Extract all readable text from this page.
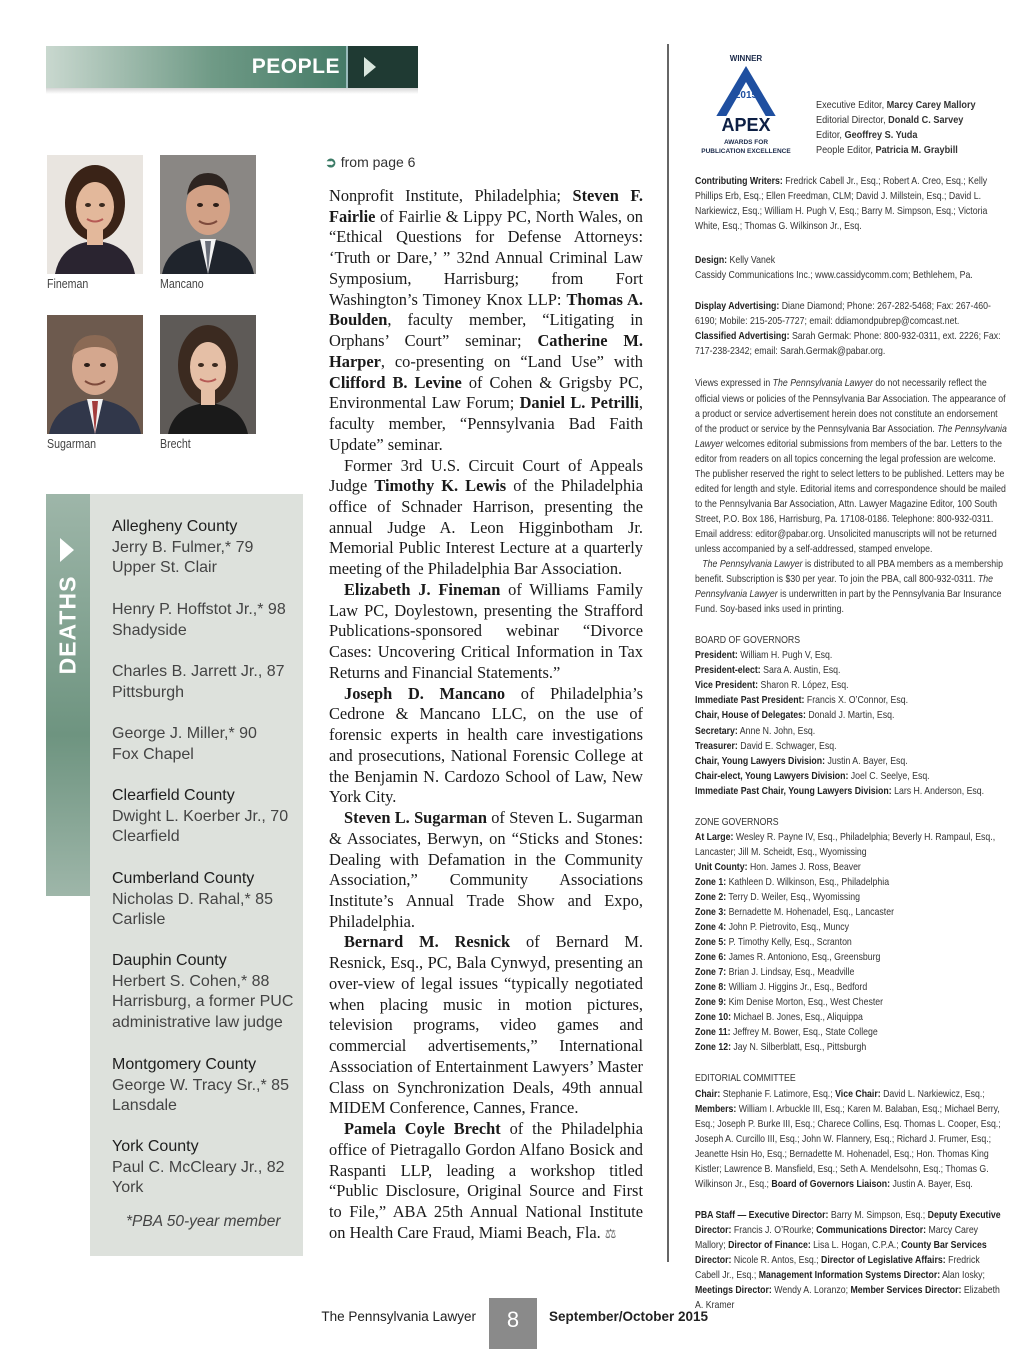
PEOPLE
Fineman	Mancano
Sugarman	Brecht
DEATHS
Allegheny County
Jerry B. Fulmer,* 79
Upper St. Clair
Henry P. Hoffstot Jr.,* 98
Shadyside
Charles B. Jarrett Jr., 87
Pittsburgh
George J. Miller,* 90
Fox Chapel
Clearfield County
Dwight L. Koerber Jr., 70
Clearfield
Cumberland County
Nicholas D. Rahal,* 85
Carlisle
Dauphin County
Herbert S. Cohen,* 88
Harrisburg, a former PUC
administrative law judge
Montgomery County
George W. Tracy Sr.,* 85
Lansdale
York County
Paul C. McCleary Jr., 82
York
*PBA 50-year member
➲ from page 6

Nonprofit Institute, Philadelphia; Steven F. Fairlie of Fairlie & Lippy PC, North Wales, on “Ethical Questions for Defense Attorneys: ‘Truth or Dare,’ ” 32nd Annual Criminal Law Symposium, Harrisburg; from Fort Washington’s Timoney Knox LLP: Thomas A. Boulden, faculty member, “Litigating in Orphans’ Court” seminar; Catherine M. Harper, co-presenting on “Land Use” with Clifford B. Levine of Cohen & Grigsby PC, Environmental Law Forum; Daniel L. Petrilli, faculty member, “Pennsylvania Bad Faith Update” seminar.

Former 3rd U.S. Circuit Court of Appeals Judge Timothy K. Lewis of the Philadelphia office of Schnader Harrison, presenting the annual Judge A. Leon Higginbotham Jr. Memorial Public Interest Lecture at a quarterly meeting of the Philadelphia Bar Association.

Elizabeth J. Fineman of Williams Family Law PC, Doylestown, presenting the Strafford Publications-sponsored webinar “Divorce Cases: Uncovering Critical Information in Tax Returns and Financial Statements.”

Joseph D. Mancano of Philadelphia’s Cedrone & Mancano LLC, on the use of forensic experts in health care investigations and prosecutions, National Forensic College at the Benjamin N. Cardozo School of Law, New York City.

Steven L. Sugarman of Steven L. Sugarman & Associates, Berwyn, on “Sticks and Stones: Dealing with Defamation in the Community Association,” Community Associations Institute’s Annual Trade Show and Expo, Philadelphia.

Bernard M. Resnick of Bernard M. Resnick, Esq., PC, Bala Cynwyd, presenting an over-view of legal issues “typically negotiated when placing music in motion pictures, television programs, video games and commercial advertisements,” International Asssociation of Entertainment Lawyers’ Master Class on Synchronization Deals, 49th annual MIDEM Conference, Cannes, France.

Pamela Coyle Brecht of the Philadelphia office of Pietragallo Gordon Alfano Bosick and Raspanti LLP, leading a workshop titled “Public Disclosure, Original Source and First to File,” ABA 25th Annual National Institute on Health Care Fraud, Miami Beach, Fla. ⚖

WINNER
2015
APEX
AWARDS FOR
PUBLICATION EXCELLENCE
Executive Editor, Marcy Carey Mallory
Editorial Director, Donald C. Sarvey
Editor, Geoffrey S. Yuda
People Editor, Patricia M. Graybill
Contributing Writers: Fredrick Cabell Jr., Esq.; Robert A. Creo, Esq.; Kelly Phillips Erb, Esq.; Ellen Freedman, CLM; David J. Millstein, Esq.; David L. Narkiewicz, Esq.; William H. Pugh V, Esq.; Barry M. Simpson, Esq.; Victoria White, Esq.; Thomas G. Wilkinson Jr., Esq.
Design: Kelly Vanek
Cassidy Communications Inc.; www.cassidycomm.com; Bethlehem, Pa.
Display Advertising: Diane Diamond; Phone: 267-282-5468; Fax: 267-460-6190; Mobile: 215-205-7727; email: ddiamondpubrep@comcast.net.
Classified Advertising: Sarah Germak: Phone: 800-932-0311, ext. 2226; Fax: 717-238-2342; email: Sarah.Germak@pabar.org.
Views expressed in The Pennsylvania Lawyer do not necessarily reflect the official views or policies of the Pennsylvania Bar Association. The appearance of a product or service advertisement herein does not constitute an endorsement of the product or service by the Pennsylvania Bar Association. The Pennsylvania Lawyer welcomes editorial submissions from members of the bar. Letters to the editor from readers on all topics concerning the legal profession are welcome. The publisher reserved the right to select letters to be published. Letters may be edited for length and style. Editorial items and correspondence should be mailed to the Pennsylvania Bar Association, Attn. Lawyer Magazine Editor, 100 South Street, P.O. Box 186, Harrisburg, Pa. 17108-0186. Telephone: 800-932-0311. Email address: editor@pabar.org. Unsolicited manuscripts will not be returned unless accompanied by a self-addressed, stamped envelope.
The Pennsylvania Lawyer is distributed to all PBA members as a membership benefit. Subscription is $30 per year. To join the PBA, call 800-932-0311. The Pennsylvania Lawyer is underwritten in part by the Pennsylvania Bar Insurance Fund. Soy-based inks used in printing.
BOARD OF GOVERNORS
President: William H. Pugh V, Esq.
President-elect: Sara A. Austin, Esq.
Vice President: Sharon R. López, Esq.
Immediate Past President: Francis X. O’Connor, Esq.
Chair, House of Delegates: Donald J. Martin, Esq.
Secretary: Anne N. John, Esq.
Treasurer: David E. Schwager, Esq.
Chair, Young Lawyers Division: Justin A. Bayer, Esq.
Chair-elect, Young Lawyers Division: Joel C. Seelye, Esq.
Immediate Past Chair, Young Lawyers Division: Lars H. Anderson, Esq.
ZONE GOVERNORS
At Large: Wesley R. Payne IV, Esq., Philadelphia; Beverly H. Rampaul, Esq., Lancaster; Jill M. Scheidt, Esq., Wyomissing
Unit County: Hon. James J. Ross, Beaver
Zone 1: Kathleen D. Wilkinson, Esq., Philadelphia
Zone 2: Terry D. Weiler, Esq., Wyomissing
Zone 3: Bernadette M. Hohenadel, Esq., Lancaster
Zone 4: John P. Pietrovito, Esq., Muncy
Zone 5: P. Timothy Kelly, Esq., Scranton
Zone 6: James R. Antoniono, Esq., Greensburg
Zone 7: Brian J. Lindsay, Esq., Meadville
Zone 8: William J. Higgins Jr., Esq., Bedford
Zone 9: Kim Denise Morton, Esq., West Chester
Zone 10: Michael B. Jones, Esq., Aliquippa
Zone 11: Jeffrey M. Bower, Esq., State College
Zone 12: Jay N. Silberblatt, Esq., Pittsburgh
EDITORIAL COMMITTEE
Chair: Stephanie F. Latimore, Esq.; Vice Chair: David L. Narkiewicz, Esq.; Members: William I. Arbuckle III, Esq.; Karen M. Balaban, Esq.; Michael Berry, Esq.; Joseph P. Burke III, Esq.; Charece Collins, Esq. Thomas L. Cooper, Esq.; Joseph A. Curcillo III, Esq.; John W. Flannery, Esq.; Richard J. Frumer, Esq.; Jeanette Hsin Ho, Esq.; Bernadette M. Hohenadel, Esq.; Hon. Thomas King Kistler; Lawrence B. Mansfield, Esq.; Seth A. Mendelsohn, Esq.; Thomas G. Wilkinson Jr., Esq.; Board of Governors Liaison: Justin A. Bayer, Esq.
PBA Staff — Executive Director: Barry M. Simpson, Esq.; Deputy Executive Director: Francis J. O’Rourke; Communications Director: Marcy Carey Mallory; Director of Finance: Lisa L. Hogan, C.P.A.; County Bar Services Director: Nicole R. Antos, Esq.; Director of Legislative Affairs: Fredrick Cabell Jr., Esq.; Management Information Systems Director: Alan Iosky; Meetings Director: Wendy A. Loranzo; Member Services Director: Elizabeth A. Kramer
The Pennsylvania Lawyer	8	September/October 2015
